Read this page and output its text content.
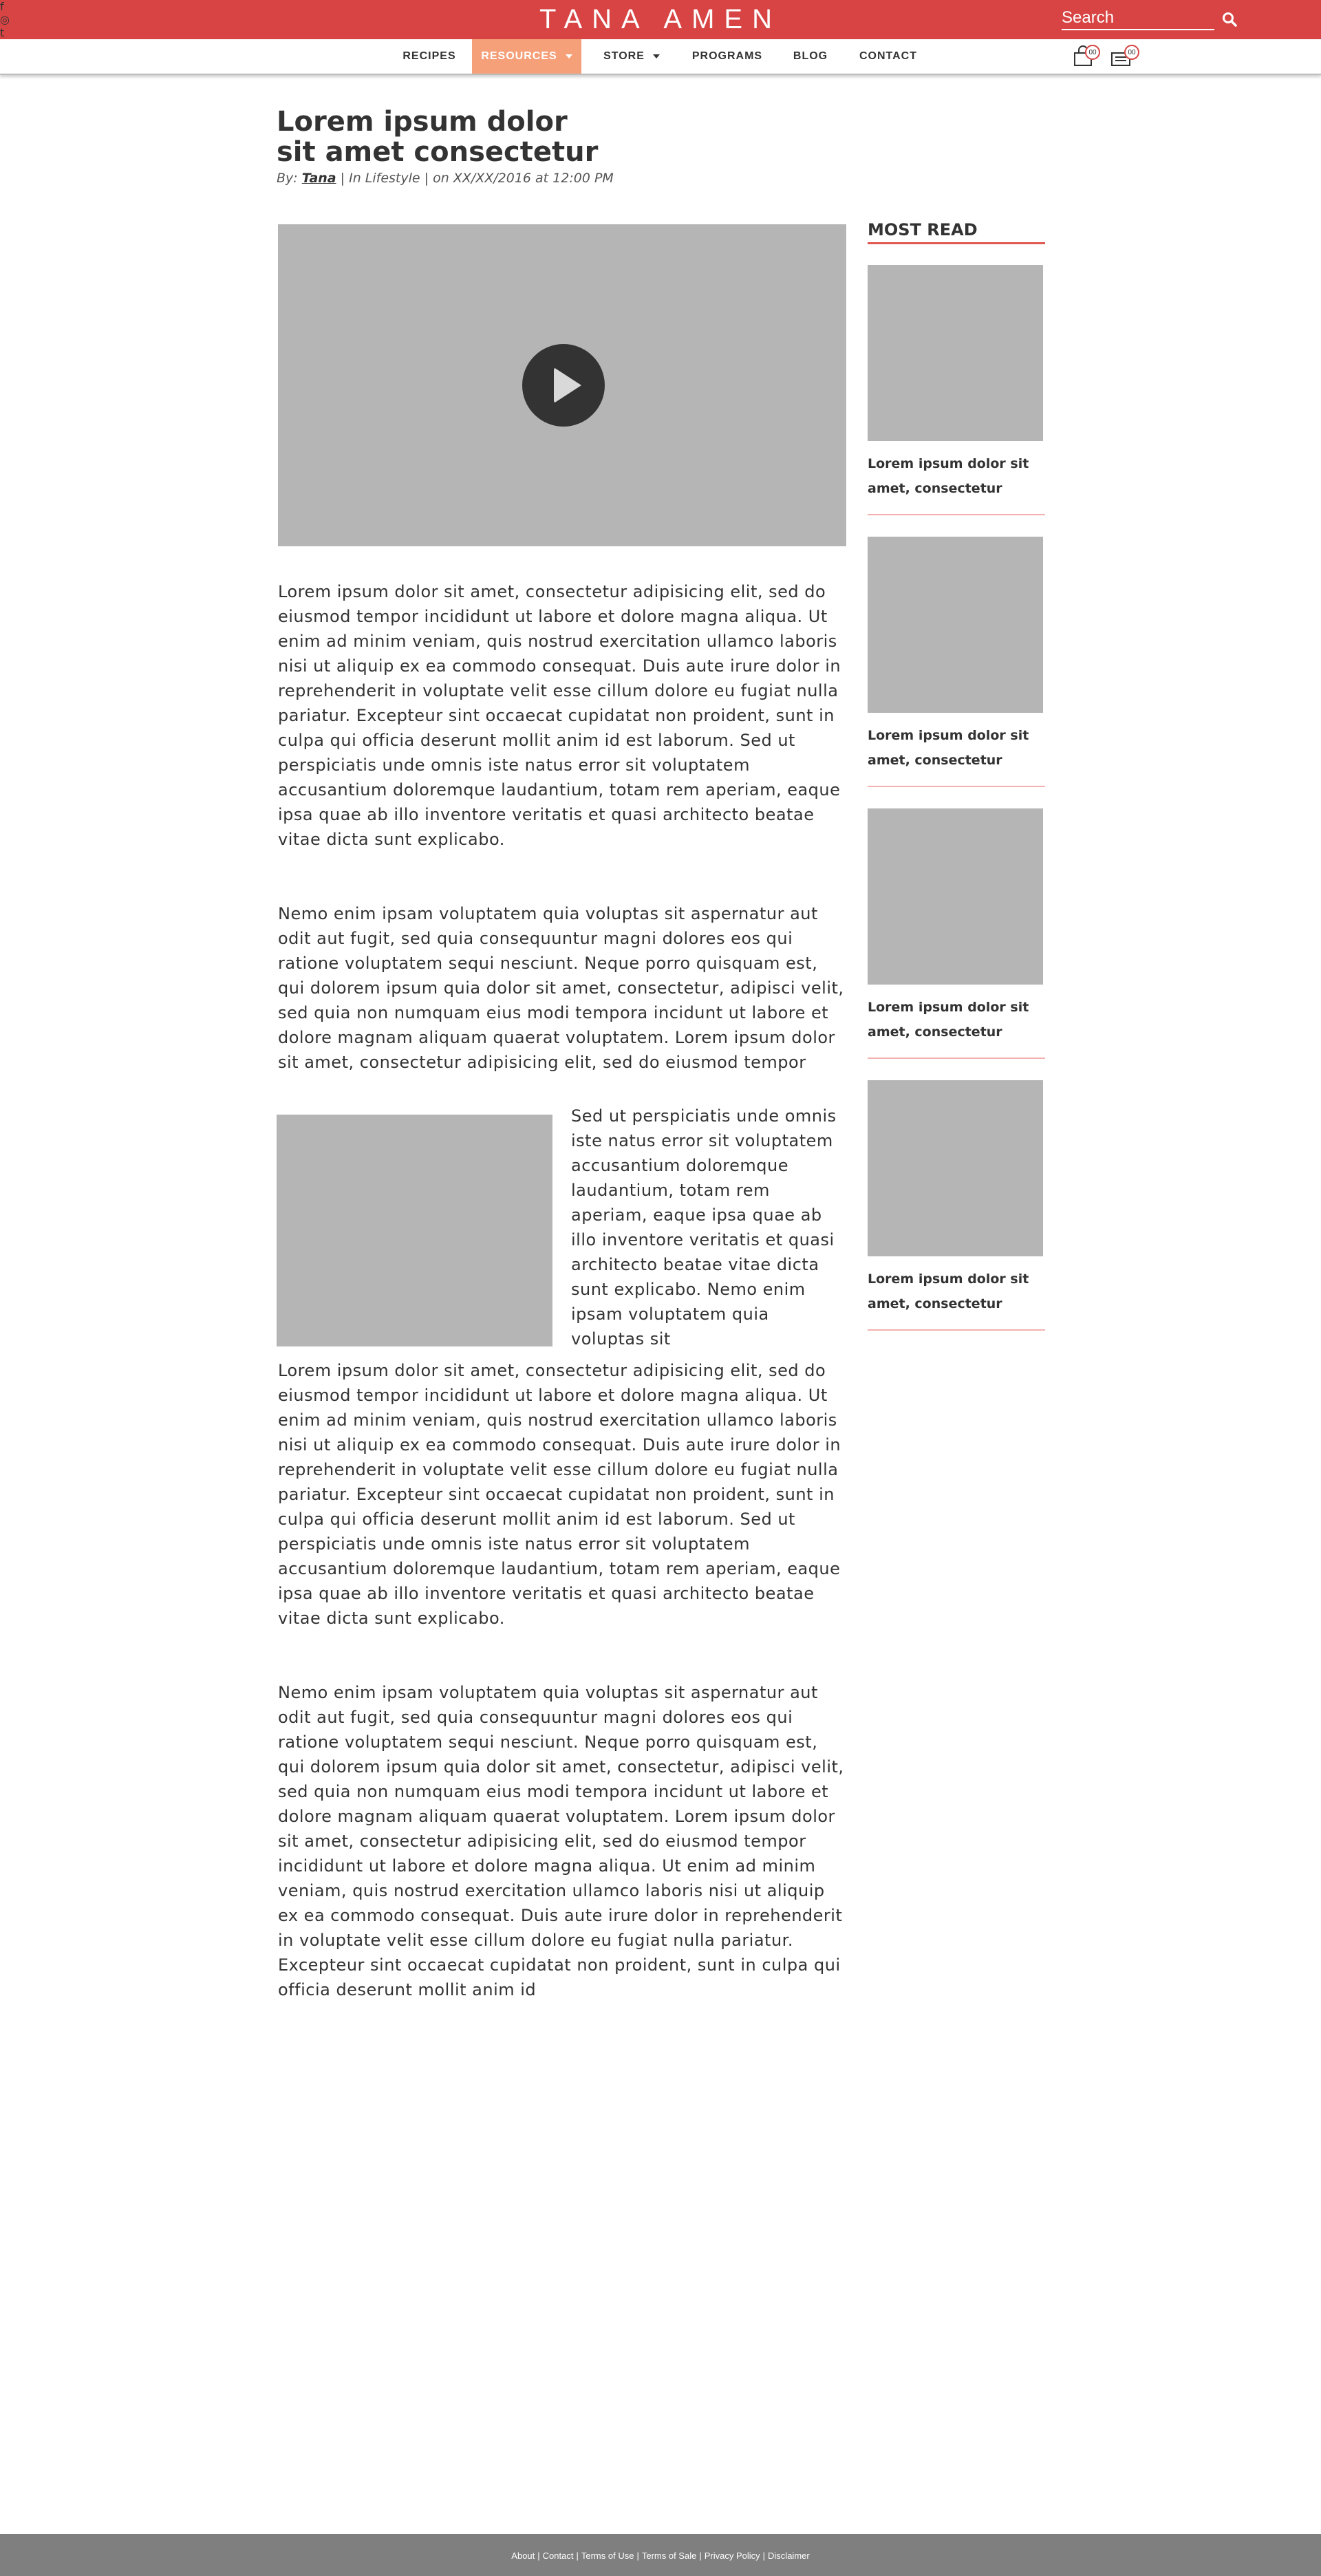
f
◎
t	TANA AMEN
Search
RECIPES RESOURCES	STORE	PROGRAMS	BLOG	CONTACT	00	00
Lorem ipsum dolor
sit amet consectetur
By: Tana | In Lifestyle | on XX/XX/2016 at 12:00 PM

Lorem ipsum dolor sit amet, consectetur adipisicing elit, sed do eiusmod tempor incididunt ut labore et dolore magna aliqua. Ut enim ad minim veniam, quis nostrud exercitation ullamco laboris nisi ut aliquip ex ea commodo consequat. Duis aute irure dolor in reprehenderit in voluptate velit esse cillum dolore eu fugiat nulla pariatur. Excepteur sint occaecat cupidatat non proident, sunt in culpa qui officia deserunt mollit anim id est laborum. Sed ut perspiciatis unde omnis iste natus error sit voluptatem accusantium doloremque laudantium, totam rem aperiam, eaque ipsa quae ab illo inventore veritatis et quasi architecto beatae vitae dicta sunt explicabo.

Nemo enim ipsam voluptatem quia voluptas sit aspernatur aut odit aut fugit, sed quia consequuntur magni dolores eos qui ratione voluptatem sequi nesciunt. Neque porro quisquam est, qui dolorem ipsum quia dolor sit amet, consectetur, adipisci velit, sed quia non numquam eius modi tempora incidunt ut labore et dolore magnam aliquam quaerat voluptatem. Lorem ipsum dolor sit amet, consectetur adipisicing elit, sed do eiusmod tempor

Sed ut perspiciatis unde omnis iste natus error sit voluptatem accusantium doloremque laudantium, totam rem aperiam, eaque ipsa quae ab illo inventore veritatis et quasi architecto beatae vitae dicta sunt explicabo. Nemo enim ipsam voluptatem quia voluptas sit

Lorem ipsum dolor sit amet, consectetur adipisicing elit, sed do eiusmod tempor incididunt ut labore et dolore magna aliqua. Ut enim ad minim veniam, quis nostrud exercitation ullamco laboris nisi ut aliquip ex ea commodo consequat. Duis aute irure dolor in reprehenderit in voluptate velit esse cillum dolore eu fugiat nulla pariatur. Excepteur sint occaecat cupidatat non proident, sunt in culpa qui officia deserunt mollit anim id est laborum. Sed ut perspiciatis unde omnis iste natus error sit voluptatem accusantium doloremque laudantium, totam rem aperiam, eaque ipsa quae ab illo inventore veritatis et quasi architecto beatae vitae dicta sunt explicabo.

Nemo enim ipsam voluptatem quia voluptas sit aspernatur aut odit aut fugit, sed quia consequuntur magni dolores eos qui ratione voluptatem sequi nesciunt. Neque porro quisquam est, qui dolorem ipsum quia dolor sit amet, consectetur, adipisci velit, sed quia non numquam eius modi tempora incidunt ut labore et dolore magnam aliquam quaerat voluptatem. Lorem ipsum dolor sit amet, consectetur adipisicing elit, sed do eiusmod tempor incididunt ut labore et dolore magna aliqua. Ut enim ad minim veniam, quis nostrud exercitation ullamco laboris nisi ut aliquip ex ea commodo consequat. Duis aute irure dolor in reprehenderit in voluptate velit esse cillum dolore eu fugiat nulla pariatur. Excepteur sint occaecat cupidatat non proident, sunt in culpa qui officia deserunt mollit anim id

MOST READ
Lorem ipsum dolor sit amet, consectetur
Lorem ipsum dolor sit amet, consectetur
Lorem ipsum dolor sit amet, consectetur
Lorem ipsum dolor sit amet, consectetur
About | Contact | Terms of Use | Terms of Sale | Privacy Policy | Disclaimer
